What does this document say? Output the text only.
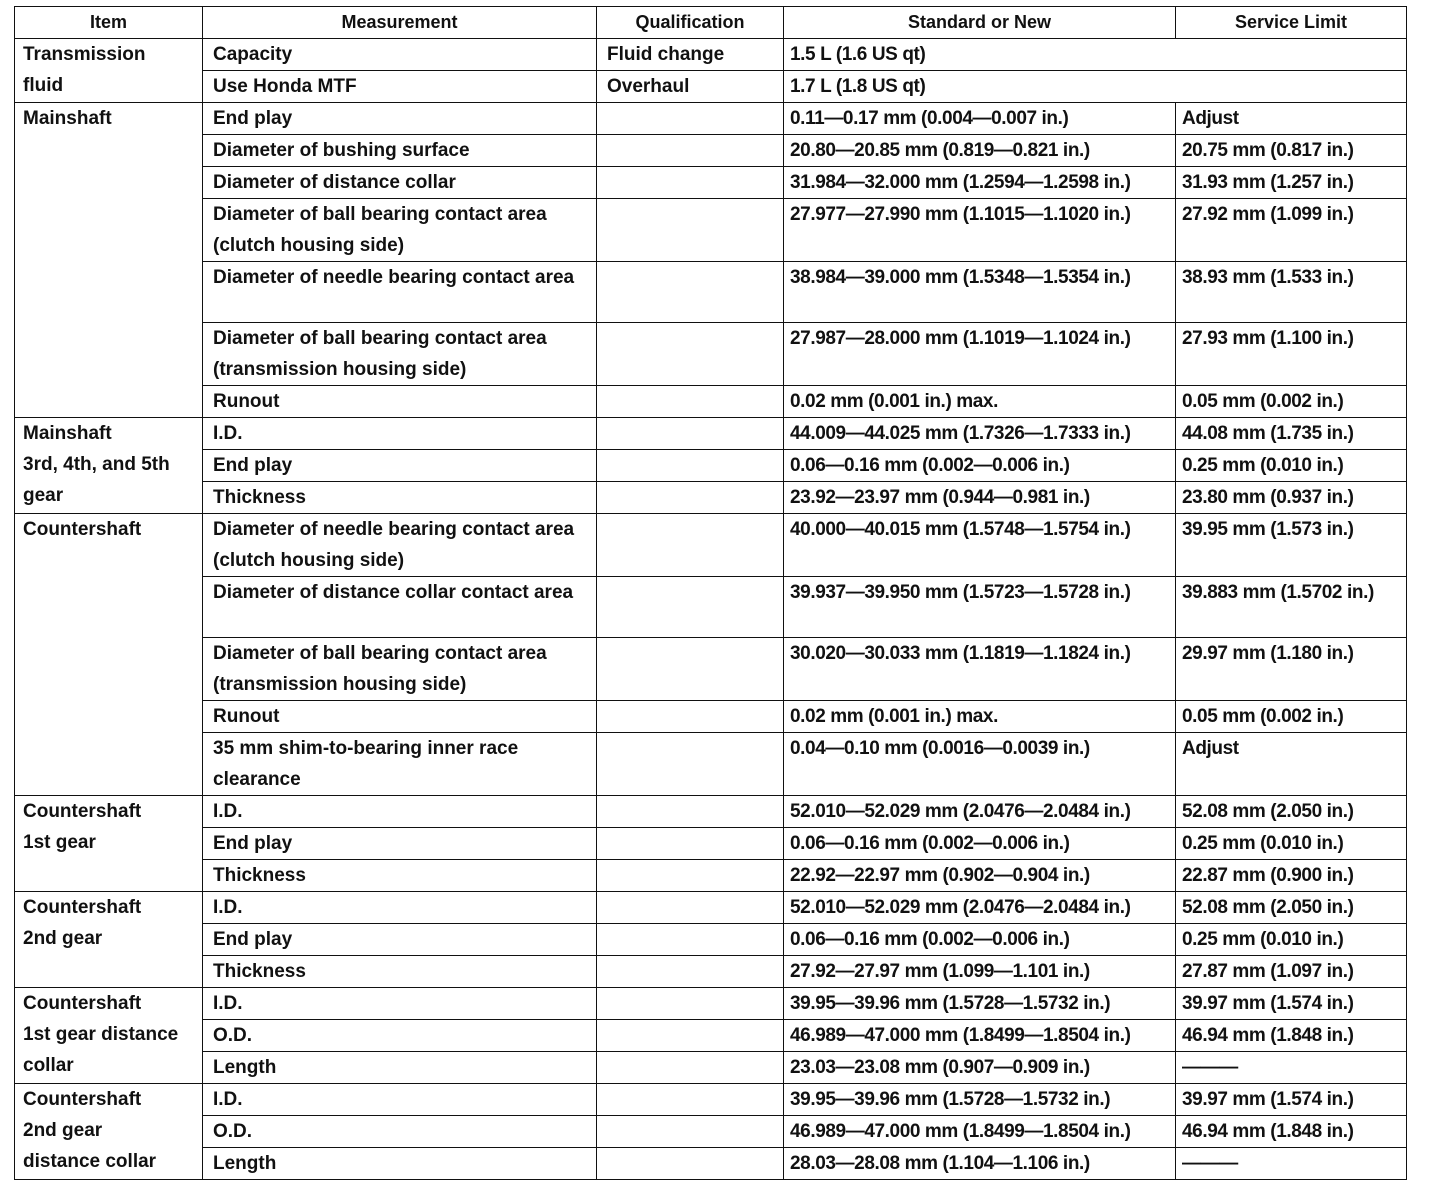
Item	Measurement	Qualification	Standard or New	Service Limit
Transmission
fluid	Capacity	Fluid change	1.5 L (1.6 US qt)	
	Use Honda MTF	Overhaul	1.7 L (1.8 US qt)	
Mainshaft	End play		0.11—0.17 mm (0.004—0.007 in.)	Adjust
	Diameter of bushing surface		20.80—20.85 mm (0.819—0.821 in.)	20.75 mm (0.817 in.)
	Diameter of distance collar		31.984—32.000 mm (1.2594—1.2598 in.)	31.93 mm (1.257 in.)
	Diameter of ball bearing contact area (clutch housing side)		27.977—27.990 mm (1.1015—1.1020 in.)	27.92 mm (1.099 in.)
	Diameter of needle bearing contact area		38.984—39.000 mm (1.5348—1.5354 in.)	38.93 mm (1.533 in.)
	Diameter of ball bearing contact area (transmission housing side)		27.987—28.000 mm (1.1019—1.1024 in.)	27.93 mm (1.100 in.)
	Runout		0.02 mm (0.001 in.) max.	0.05 mm (0.002 in.)
Mainshaft
3rd, 4th, and 5th
gear	I.D.		44.009—44.025 mm (1.7326—1.7333 in.)	44.08 mm (1.735 in.)
	End play		0.06—0.16 mm (0.002—0.006 in.)	0.25 mm (0.010 in.)
	Thickness		23.92—23.97 mm (0.944—0.981 in.)	23.80 mm (0.937 in.)
Countershaft	Diameter of needle bearing contact area (clutch housing side)		40.000—40.015 mm (1.5748—1.5754 in.)	39.95 mm (1.573 in.)
	Diameter of distance collar contact area		39.937—39.950 mm (1.5723—1.5728 in.)	39.883 mm (1.5702 in.)
	Diameter of ball bearing contact area (transmission housing side)		30.020—30.033 mm (1.1819—1.1824 in.)	29.97 mm (1.180 in.)
	Runout		0.02 mm (0.001 in.) max.	0.05 mm (0.002 in.)
	35 mm shim-to-bearing inner race clearance		0.04—0.10 mm (0.0016—0.0039 in.)	Adjust
Countershaft
1st gear	I.D.		52.010—52.029 mm (2.0476—2.0484 in.)	52.08 mm (2.050 in.)
	End play		0.06—0.16 mm (0.002—0.006 in.)	0.25 mm (0.010 in.)
	Thickness		22.92—22.97 mm (0.902—0.904 in.)	22.87 mm (0.900 in.)
Countershaft
2nd gear	I.D.		52.010—52.029 mm (2.0476—2.0484 in.)	52.08 mm (2.050 in.)
	End play		0.06—0.16 mm (0.002—0.006 in.)	0.25 mm (0.010 in.)
	Thickness		27.92—27.97 mm (1.099—1.101 in.)	27.87 mm (1.097 in.)
Countershaft
1st gear distance
collar	I.D.		39.95—39.96 mm (1.5728—1.5732 in.)	39.97 mm (1.574 in.)
	O.D.		46.989—47.000 mm (1.8499—1.8504 in.)	46.94 mm (1.848 in.)
	Length		23.03—23.08 mm (0.907—0.909 in.)	———
Countershaft
2nd gear
distance collar	I.D.		39.95—39.96 mm (1.5728—1.5732 in.)	39.97 mm (1.574 in.)
	O.D.		46.989—47.000 mm (1.8499—1.8504 in.)	46.94 mm (1.848 in.)
	Length		28.03—28.08 mm (1.104—1.106 in.)	———
